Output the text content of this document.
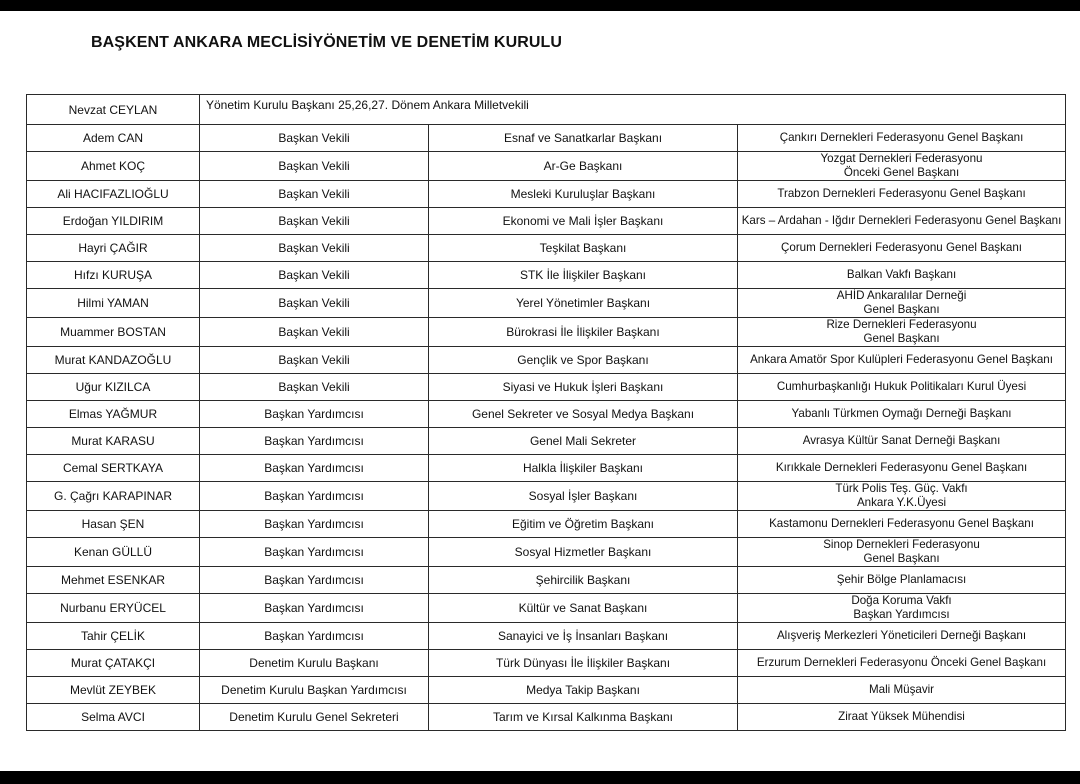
BAŞKENT ANKARA MECLİSİYÖNETİM VE DENETİM KURULU
Nevzat CEYLAN	Yönetim Kurulu Başkanı 25,26,27. Dönem Ankara Milletvekili		
Adem CAN	Başkan Vekili	Esnaf ve Sanatkarlar Başkanı	Çankırı Dernekleri Federasyonu Genel Başkanı
Ahmet KOÇ	Başkan Vekili	Ar-Ge Başkanı	Yozgat Dernekleri Federasyonu
Önceki Genel Başkanı
Ali HACIFAZLIOĞLU	Başkan Vekili	Mesleki Kuruluşlar Başkanı	Trabzon Dernekleri Federasyonu Genel Başkanı
Erdoğan YILDIRIM	Başkan Vekili	Ekonomi ve Mali İşler Başkanı	Kars – Ardahan - Iğdır Dernekleri Federasyonu Genel Başkanı
Hayri ÇAĞIR	Başkan Vekili	Teşkilat Başkanı	Çorum Dernekleri Federasyonu Genel Başkanı
Hıfzı KURUŞA	Başkan Vekili	STK İle İlişkiler Başkanı	Balkan Vakfı Başkanı
Hilmi YAMAN	Başkan Vekili	Yerel Yönetimler Başkanı	AHİD Ankaralılar Derneği
Genel Başkanı
Muammer BOSTAN	Başkan Vekili	Bürokrasi İle İlişkiler Başkanı	Rize Dernekleri Federasyonu
Genel Başkanı
Murat KANDAZOĞLU	Başkan Vekili	Gençlik ve Spor Başkanı	Ankara Amatör Spor Kulüpleri Federasyonu Genel Başkanı
Uğur KIZILCA	Başkan Vekili	Siyasi ve Hukuk İşleri Başkanı	Cumhurbaşkanlığı Hukuk Politikaları Kurul Üyesi
Elmas YAĞMUR	Başkan Yardımcısı	Genel Sekreter ve Sosyal Medya Başkanı	Yabanlı Türkmen Oymağı Derneği Başkanı
Murat KARASU	Başkan Yardımcısı	Genel Mali Sekreter	Avrasya Kültür Sanat Derneği Başkanı
Cemal SERTKAYA	Başkan Yardımcısı	Halkla İlişkiler Başkanı	Kırıkkale Dernekleri Federasyonu Genel Başkanı
G. Çağrı KARAPINAR	Başkan Yardımcısı	Sosyal İşler Başkanı	Türk Polis Teş. Güç. Vakfı
Ankara Y.K.Üyesi
Hasan ŞEN	Başkan Yardımcısı	Eğitim ve Öğretim Başkanı	Kastamonu Dernekleri Federasyonu Genel Başkanı
Kenan GÜLLÜ	Başkan Yardımcısı	Sosyal Hizmetler Başkanı	Sinop Dernekleri Federasyonu
Genel Başkanı
Mehmet ESENKAR	Başkan Yardımcısı	Şehircilik Başkanı	Şehir Bölge Planlamacısı
Nurbanu ERYÜCEL	Başkan Yardımcısı	Kültür ve Sanat Başkanı	Doğa Koruma Vakfı
Başkan Yardımcısı
Tahir ÇELİK	Başkan Yardımcısı	Sanayici ve İş İnsanları Başkanı	Alışveriş Merkezleri Yöneticileri Derneği Başkanı
Murat ÇATAKÇI	Denetim Kurulu Başkanı	Türk Dünyası İle İlişkiler Başkanı	Erzurum Dernekleri Federasyonu Önceki Genel Başkanı
Mevlüt ZEYBEK	Denetim Kurulu Başkan Yardımcısı	Medya Takip Başkanı	Mali Müşavir
Selma AVCI	Denetim Kurulu Genel Sekreteri	Tarım ve Kırsal Kalkınma Başkanı	Ziraat Yüksek Mühendisi
